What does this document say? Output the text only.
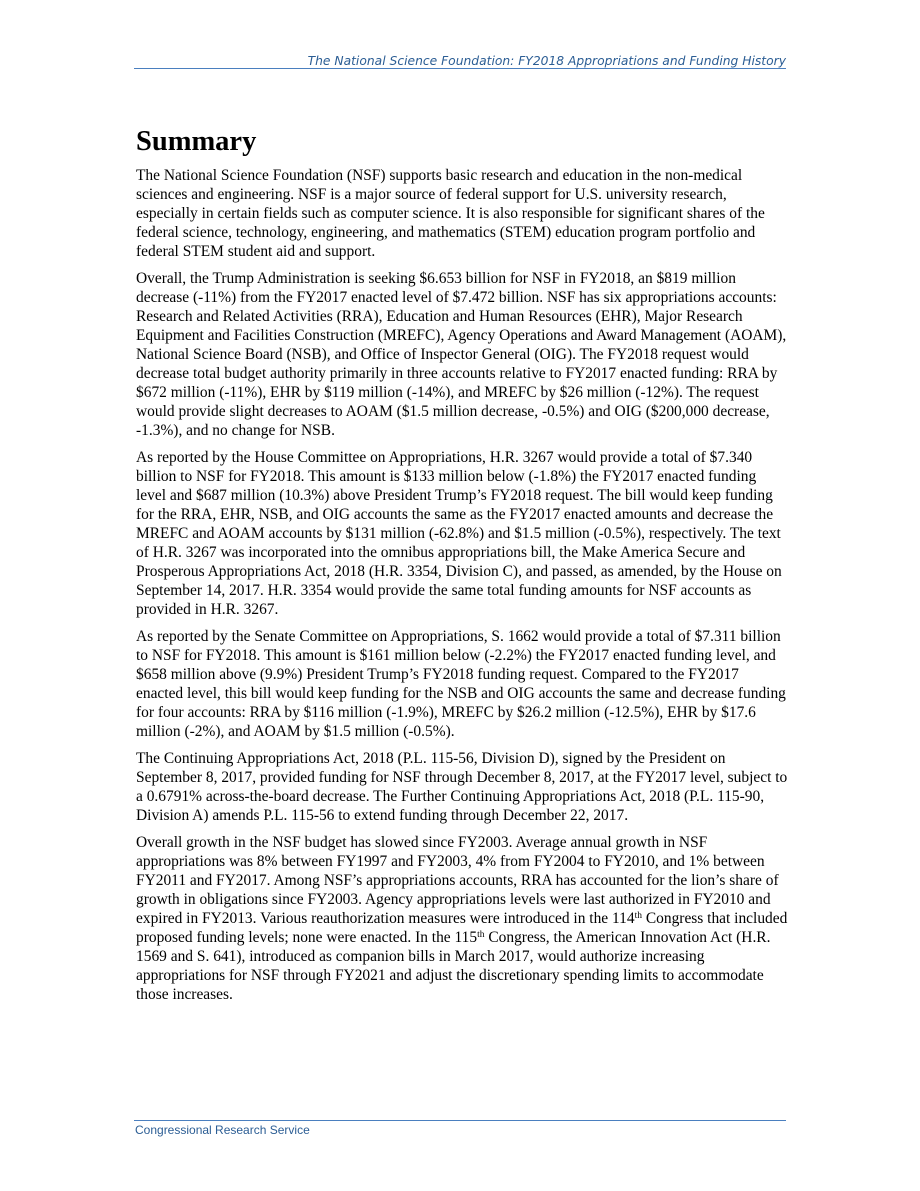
The National Science Foundation: FY2018 Appropriations and Funding History
Summary

The National Science Foundation (NSF) supports basic research and education in the non-medical sciences and engineering. NSF is a major source of federal support for U.S. university research, especially in certain fields such as computer science. It is also responsible for significant shares of the federal science, technology, engineering, and mathematics (STEM) education program portfolio and federal STEM student aid and support.

Overall, the Trump Administration is seeking $6.653 billion for NSF in FY2018, an $819 million decrease (-11%) from the FY2017 enacted level of $7.472 billion. NSF has six appropriations accounts: Research and Related Activities (RRA), Education and Human Resources (EHR), Major Research Equipment and Facilities Construction (MREFC), Agency Operations and Award Management (AOAM), National Science Board (NSB), and Office of Inspector General (OIG). The FY2018 request would decrease total budget authority primarily in three accounts relative to FY2017 enacted funding: RRA by $672 million (-11%), EHR by $119 million (-14%), and MREFC by $26 million (-12%). The request would provide slight decreases to AOAM ($1.5 million decrease, -0.5%) and OIG ($200,000 decrease, -1.3%), and no change for NSB.

As reported by the House Committee on Appropriations, H.R. 3267 would provide a total of $7.340 billion to NSF for FY2018. This amount is $133 million below (-1.8%) the FY2017 enacted funding level and $687 million (10.3%) above President Trump’s FY2018 request. The bill would keep funding for the RRA, EHR, NSB, and OIG accounts the same as the FY2017 enacted amounts and decrease the MREFC and AOAM accounts by $131 million (-62.8%) and $1.5 million (-0.5%), respectively. The text of H.R. 3267 was incorporated into the omnibus appropriations bill, the Make America Secure and Prosperous Appropriations Act, 2018 (H.R. 3354, Division C), and passed, as amended, by the House on September 14, 2017. H.R. 3354 would provide the same total funding amounts for NSF accounts as provided in H.R. 3267.

As reported by the Senate Committee on Appropriations, S. 1662 would provide a total of $7.311 billion to NSF for FY2018. This amount is $161 million below (-2.2%) the FY2017 enacted funding level, and $658 million above (9.9%) President Trump’s FY2018 funding request. Compared to the FY2017 enacted level, this bill would keep funding for the NSB and OIG accounts the same and decrease funding for four accounts: RRA by $116 million (-1.9%), MREFC by $26.2 million (-12.5%), EHR by $17.6 million (-2%), and AOAM by $1.5 million (-0.5%).

The Continuing Appropriations Act, 2018 (P.L. 115-56, Division D), signed by the President on September 8, 2017, provided funding for NSF through December 8, 2017, at the FY2017 level, subject to a 0.6791% across-the-board decrease. The Further Continuing Appropriations Act, 2018 (P.L. 115-90, Division A) amends P.L. 115-56 to extend funding through December 22, 2017.

Overall growth in the NSF budget has slowed since FY2003. Average annual growth in NSF appropriations was 8% between FY1997 and FY2003, 4% from FY2004 to FY2010, and 1% between FY2011 and FY2017. Among NSF’s appropriations accounts, RRA has accounted for the lion’s share of growth in obligations since FY2003. Agency appropriations levels were last authorized in FY2010 and expired in FY2013. Various reauthorization measures were introduced in the 114th Congress that included proposed funding levels; none were enacted. In the 115th Congress, the American Innovation Act (H.R. 1569 and S. 641), introduced as companion bills in March 2017, would authorize increasing appropriations for NSF through FY2021 and adjust the discretionary spending limits to accommodate those increases.

Congressional Research Service
